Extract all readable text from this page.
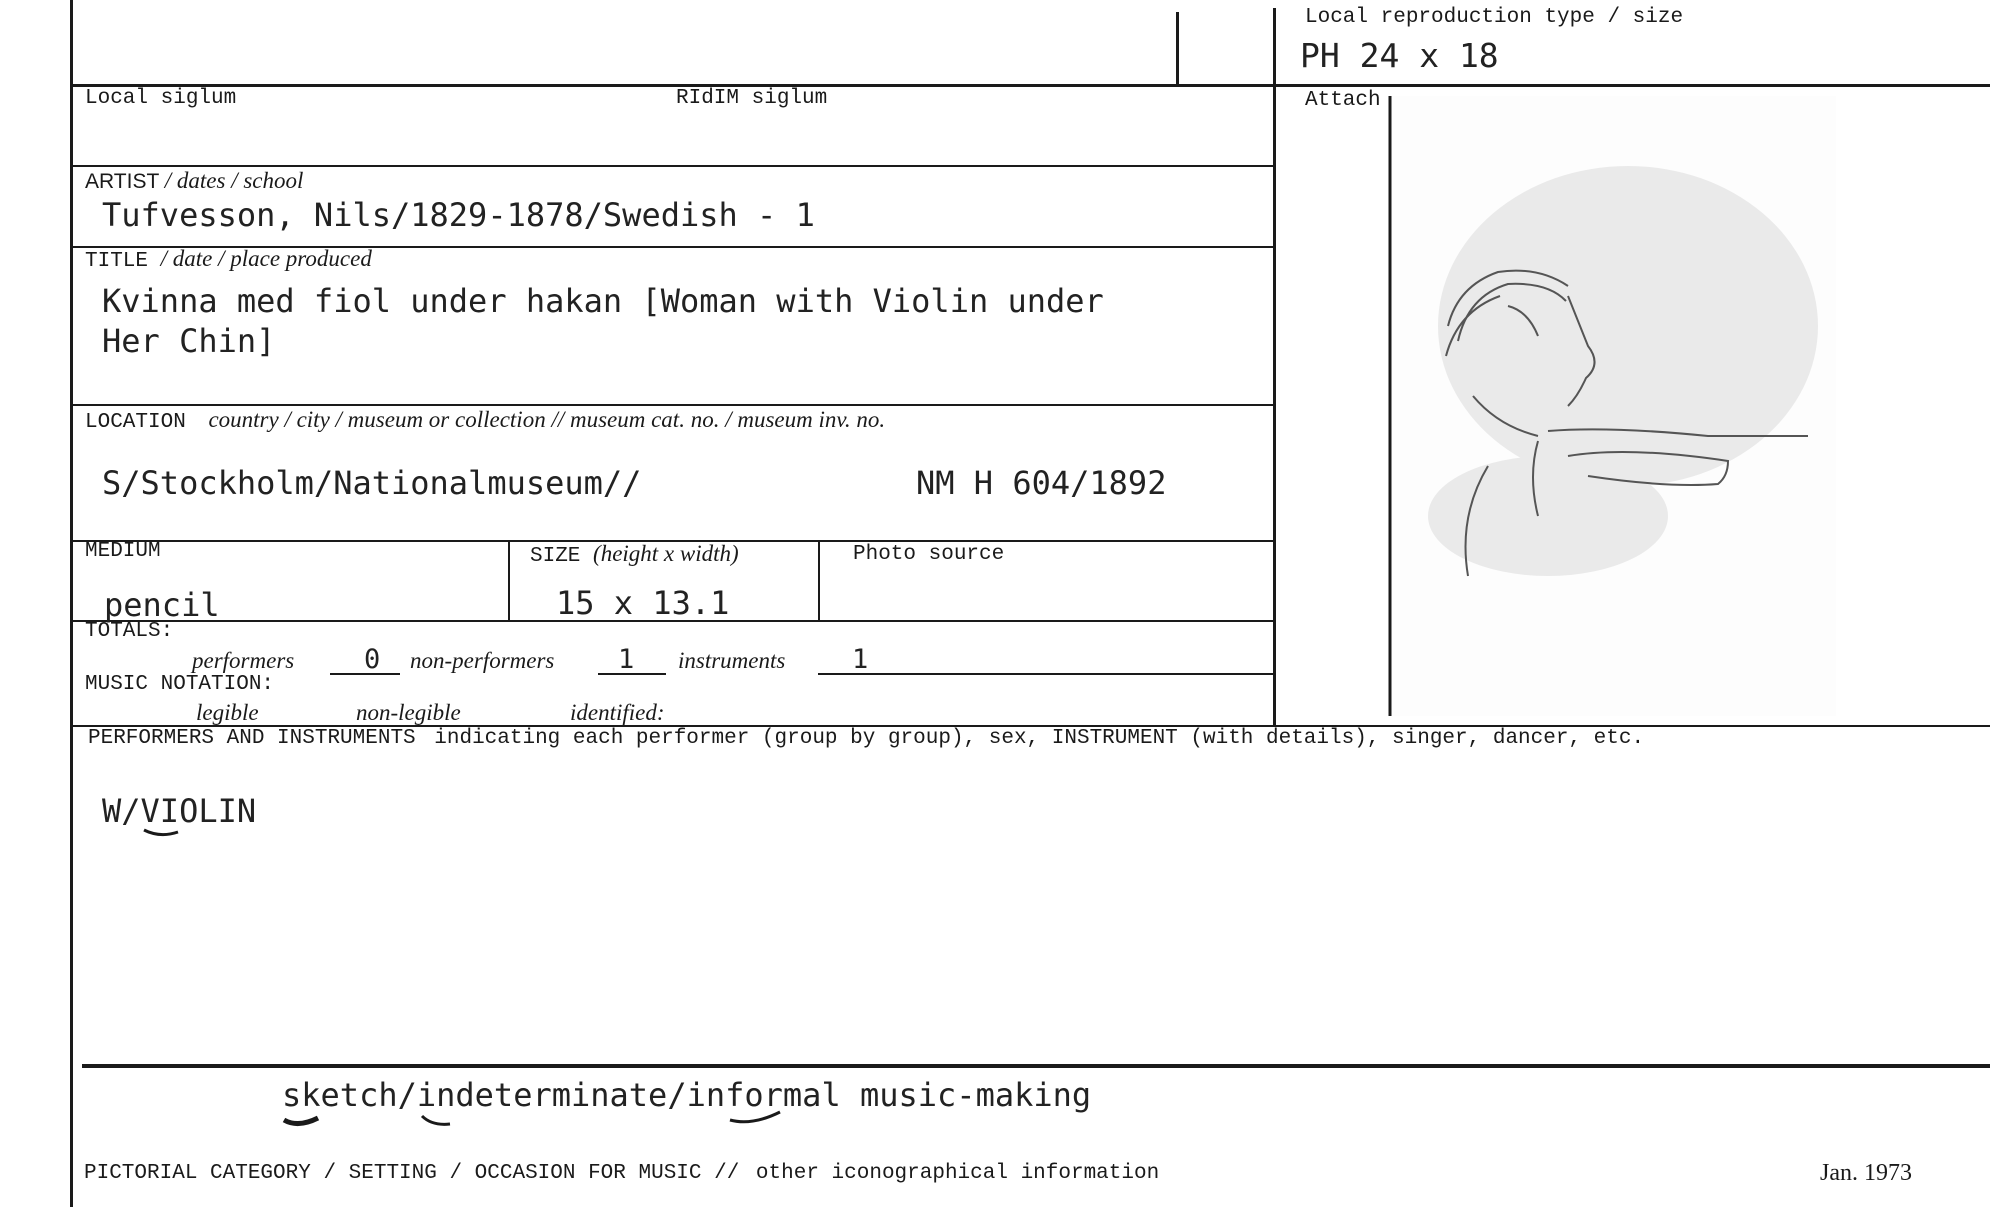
Local reproduction type / size
PH 24 x 18
Local siglum	RIdIM siglum	Attach
ARTIST / dates / school
Tufvesson, Nils/1829-1878/Swedish - 1
TITLE / date / place produced
Kvinna med fiol under hakan [Woman with Violin under
Her Chin]
LOCATION country / city / museum or collection // museum cat. no. / museum inv. no.
S/Stockholm/Nationalmuseum//	NM H 604/1892
MEDIUM
pencil
SIZE (height x width)
15 x 13.1
Photo source
TOTALS:
performers	0 non-performers 1 instruments 1
MUSIC NOTATION:
legible	non-legible	identified:
PERFORMERS AND INSTRUMENTS indicating each performer (group by group), sex, INSTRUMENT (with details), singer, dancer, etc.
W/VIOLIN
sketch/indeterminate/informal music-making
PICTORIAL CATEGORY / SETTING / OCCASION FOR MUSIC // other iconographical information	Jan. 1973
